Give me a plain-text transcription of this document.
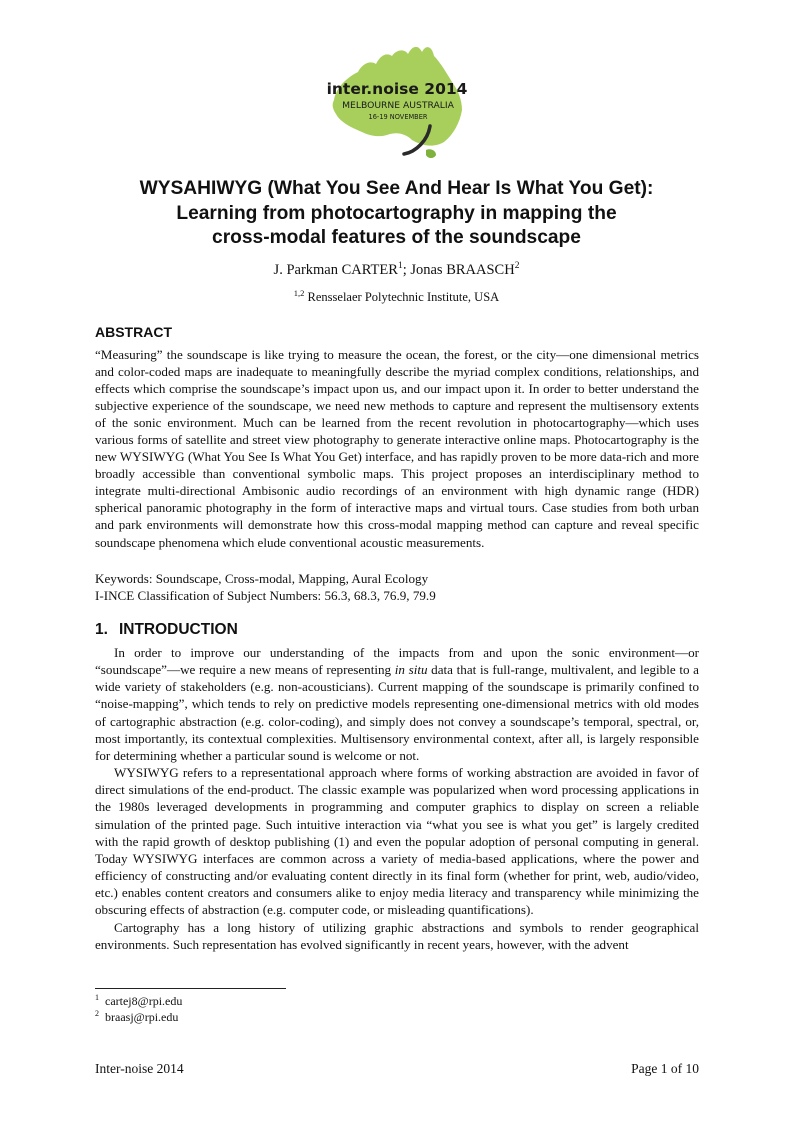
inter.noise 2014
MELBOURNE AUSTRALIA
16-19 NOVEMBER
WYSAHIWYG (What You See And Hear Is What You Get):
Learning from photocartography in mapping the
cross-modal features of the soundscape
J. Parkman CARTER$^1$; Jonas BRAASCH$^2$
$^{1,2}$ Rensselaer Polytechnic Institute, USA
ABSTRACT

“Measuring” the soundscape is like trying to measure the ocean, the forest, or the city—one dimensional metrics and color-coded maps are inadequate to meaningfully describe the myriad complex conditions, relationships, and effects which comprise the soundscape’s impact upon us, and our impact upon it. In order to better understand the subjective experience of the soundscape, we need new methods to capture and represent the multisensory extents of the sonic environment. Much can be learned from the recent revolution in photocartography—which uses various forms of satellite and street view photography to generate interactive online maps. Photocartography is the new WYSIWYG (What You See Is What You Get) interface, and has rapidly proven to be more data-rich and more broadly accessible than conventional symbolic maps. This project proposes an interdisciplinary method to integrate multi-directional Ambisonic audio recordings of an environment with high dynamic range (HDR) spherical panoramic photography in the form of interactive maps and virtual tours. Case studies from both urban and park environments will demonstrate how this cross-modal mapping method can capture and reveal specific soundscape phenomena which elude conventional acoustic measurements.

Keywords: Soundscape, Cross-modal, Mapping, Aural Ecology
I-INCE Classification of Subject Numbers: 56.3, 68.3, 76.9, 79.9
1. INTRODUCTION

In order to improve our understanding of the impacts from and upon the sonic environment—or “soundscape”—we require a new means of representing in situ data that is full-range, multivalent, and legible to a wide variety of stakeholders (e.g. non-acousticians). Current mapping of the soundscape is primarily confined to “noise-mapping”, which tends to rely on predictive models representing one-dimensional metrics with old modes of cartographic abstraction (e.g. color-coding), and simply does not convey a soundscape’s temporal, spectral, or, most importantly, its contextual complexities. Multisensory environmental context, after all, is largely responsible for determining whether a particular sound is welcome or not.

WYSIWYG refers to a representational approach where forms of working abstraction are avoided in favor of direct simulations of the end-product. The classic example was popularized when word processing applications in the 1980s leveraged developments in programming and computer graphics to display on screen a reliable simulation of the printed page. Such intuitive interaction via “what you see is what you get” is largely credited with the rapid growth of desktop publishing (1) and even the popular adoption of personal computing in general. Today WYSIWYG interfaces are common across a variety of media-based applications, where the power and efficiency of constructing and/or evaluating content directly in its final form (whether for print, web, audio/video, etc.) enables content creators and consumers alike to enjoy media literacy and transparency while minimizing the obscuring effects of abstraction (e.g. computer code, or misleading quantifications).

Cartography has a long history of utilizing graphic abstractions and symbols to render geographical environments. Such representation has evolved significantly in recent years, however, with the advent

$^1$ cartej8@rpi.edu
$^2$ braasj@rpi.edu
Inter-noise 2014	Page 1 of 10
